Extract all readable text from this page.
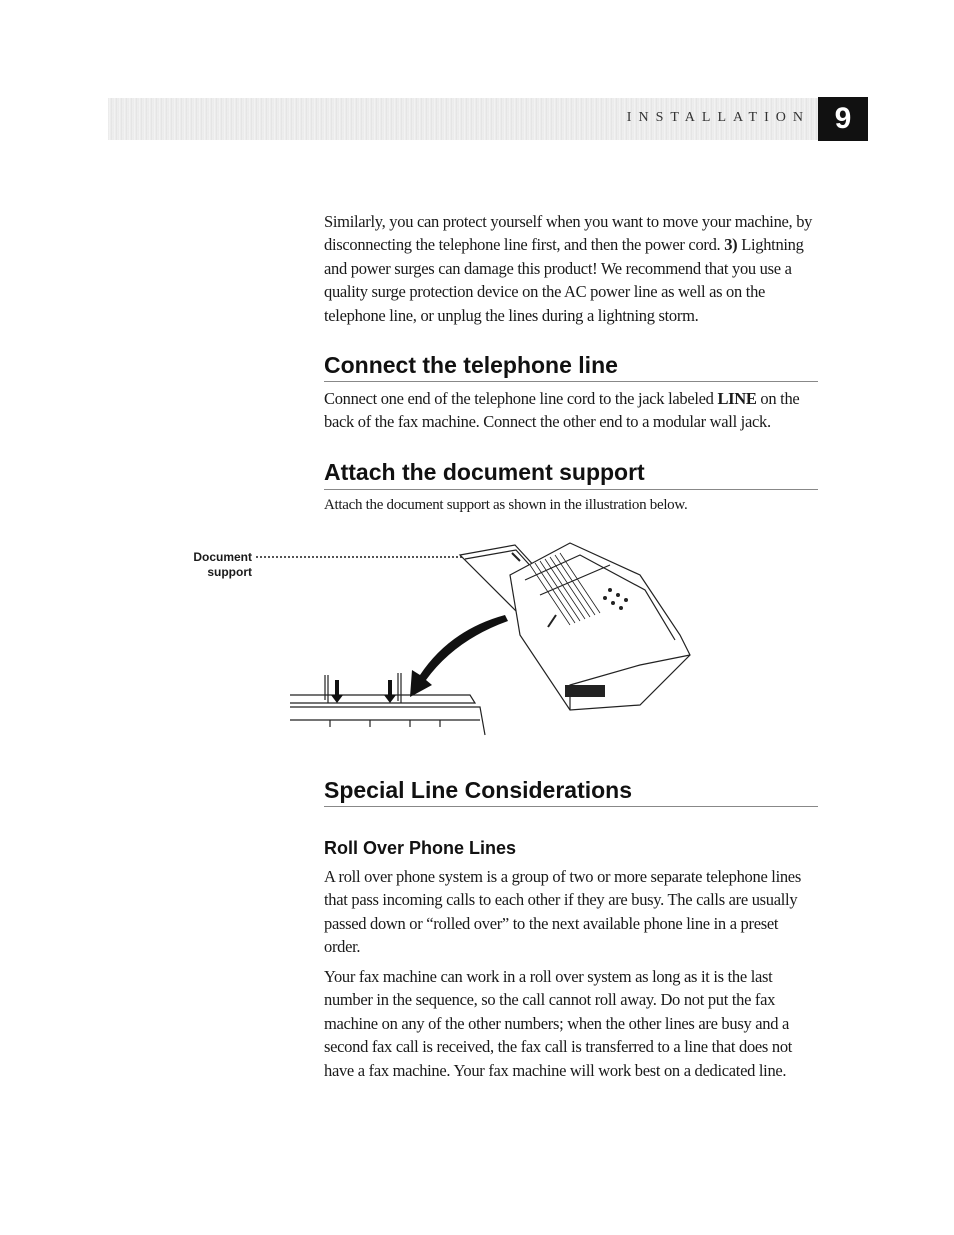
INSTALLATION 9
Similarly, you can protect yourself when you want to move your machine, by disconnecting the telephone line first, and then the power cord. 3) Lightning and power surges can damage this product! We recommend that you use a quality surge protection device on the AC power line as well as on the telephone line, or unplug the lines during a lightning storm.
Connect the telephone line
Connect one end of the telephone line cord to the jack labeled LINE on the back of the fax machine. Connect the other end to a modular wall jack.
Attach the document support
Attach the document support as shown in the illustration below.
Document
support
Special Line Considerations
Roll Over Phone Lines
A roll over phone system is a group of two or more separate telephone lines that pass incoming calls to each other if they are busy. The calls are usually passed down or “rolled over” to the next available phone line in a preset order.
Your fax machine can work in a roll over system as long as it is the last number in the sequence, so the call cannot roll away. Do not put the fax machine on any of the other numbers; when the other lines are busy and a second fax call is received, the fax call is transferred to a line that does not have a fax machine. Your fax machine will work best on a dedicated line.
